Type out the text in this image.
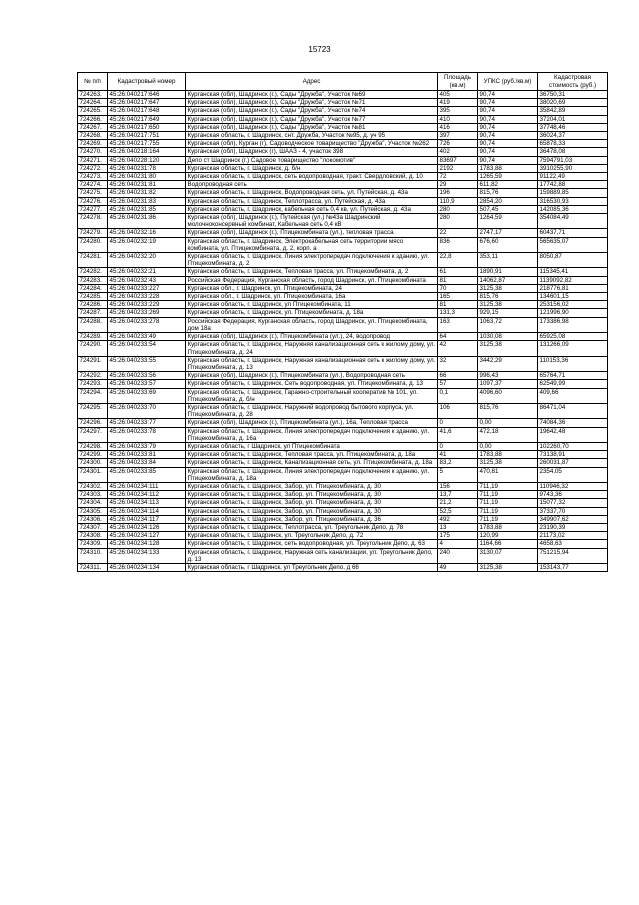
15723
№ п/п	Кадастровый номер	Адрес	Площадь (кв.м)	УПКС (руб./кв.м)	Кадастровая стоимость (руб.)
724263.	45:26:040217:646	Курганская (обл), Шадринск (г.), Сады "Дружба", Участок №69	405	90,74	36750,31
724264.	45:26:040217:647	Курганская (обл), Шадринск (г.), Сады "Дружба", Участок №71	419	90,74	38020,69
724265.	45:26:040217:648	Курганская (обл), Шадринск (г.), Сады "Дружба", Участок №74	395	90,74	35842,89
724266.	45:26:040217:649	Курганская (обл), Шадринск (г.), Сады "Дружба", Участок №77	410	90,74	37204,01
724267.	45:26:040217:650	Курганская (обл), Шадринск (г.), Сады "Дружба", Участок №81	416	90,74	37748,46
724268.	45:26:040217:751	Курганская область, г. Шадринск, снт. Дружба, Участок №95, д. уч 95	397	90,74	36024,37
724269.	45:26:040217:755	Курганская (обл), Курган (г), Садоводческое товарищество "Дружба", Участок №262	726	90,74	65878,33
724270.	45:26:040218:164	Курганская (обл), Шадринск (г), ШААЗ - 4, участок 398	402	90,74	36478,08
724271.	45:26:040228:120	Депо ст Шадринск (г.) Садовое товарищество "локомотив"	83697	90,74	7594791,03
724272.	45:26:040231:78	Курганская область, г. Шадринск, д. б/н	2192	1783,88	3910255,90
724273.	45:26:040231:80	Курганская область, г. Шадринск, сеть водопроводная, тракт. Свердловский, д. 10	72	1265,59	91122,49
724274.	45:26:040231:81	Водопроводная сеть	29	611,82	17742,88
724275.	45:26:040231:82	Курганская область, г. Шадринск, Водопроводная сеть, ул. Путейская, д. 43а	196	815,76	159889,85
724276.	45:26:040231:83	Курганская область, г. Шадринск, Теплотрасса, ул. Путейская, д. 43а	110,9	2854,20	316530,93
724277.	45:26:040231:85	Курганская область, г. Шадринск, кабельная сеть 0,4 кв, ул. Путейская, д. 43а	280	507,45	142085,36
724278.	45:26:040231:86	Курганская (обл), Шадринск (г.), Путейская (ул.) №43а Шадринский молочноконсервный комбинат, Кабельная сеть 0,4 кВ	280	1264,59	354084,49
724279.	45:26:040232:16	Курганская (обл), Шадринск (г.), Птицекомбината (ул.), тепловая трасса	22	2747,17	60437,71
724280.	45:26:040232:19	Курганская область, г. Шадринск, Электрокабельная сеть территории мясо комбината, ул. Птицекомбината, д. 2, корп. а	836	676,60	565635,07
724281.	45:26:040232:20	Курганская область, г. Шадринск, Линия электропередач подключения к зданию, ул. Птицекомбината, д. 2	22,8	353,11	8050,87
724282.	45:26:040232:21	Курганская область, г. Шадринск, Тепловая трасса, ул. Птицекомбината, д. 2	61	1890,91	115345,41
724283.	45:26:040232:43	Российская Федерация, Курганская область, город Шадринск, ул. Птицекомбината	81	14062,87	1139092,82
724284.	45:26:040233:227	Курганская обл., г. Шадринск, ул. Птицекомбината, 24	70	3125,38	218776,81
724285.	45:26:040233:228	Курганская обл., г. Шадринск, ул. Птицекомбината, 16а	165	815,76	134601,15
724286.	45:26:040233:229	Курганская область, г. Шадринск, ул Птицекомбината, 11	81	3125,38	253156,02
724287.	45:26:040233:269	Курганская область, г. Шадринск, ул. Птицекомбината, д. 18а	131,3	929,15	121996,90
724288.	45:26:040233:278	Российская Федерация, Курганская область, город Шадринск, ул. Птицекомбината, дом 18а	163	1063,72	173386,98
724289.	45:26:040233:49	Курганская (обл), Шадринск (г.), Птицекомбината (ул.), 24, водопровод	64	1030,08	65925,08
724290.	45:26:040233:54	Курганская область, г. Шадринск, Наружняя канализационная сеть к жилому дому, ул. Птицекомбината, д. 24	42	3125,38	131266,09
724291.	45:26:040233:55	Курганская область, г. Шадринск, Наружная канализационная сеть к жилому дому, ул. Птицекомбината, д. 13	32	3442,29	110153,36
724292.	45:26:040233:56	Курганская (обл), Шадринск (г.), Птицекомбината (ул.), Водопроводная сеть	66	996,43	65764,71
724293.	45:26:040233:57	Курганская область, г. Шадринск, Сеть водопроводная, ул. Птицекомбината, д. 13	57	1097,37	62549,99
724294.	45:26:040233:69	Курганская область, г. Шадринск, Гаражно-строительный кооператив № 101, ул. Птицекомбината, д. б/н	0,1	4096,60	409,66
724295.	45:26:040233:70	Курганская область, г. Шадринск, Наружний водопровод бытового корпуса, ул. Птицекомбината, д. 28	106	815,76	86471,04
724296.	45:26:040233:77	Курганская (обл), Шадринск (г.), Птицекомбината (ул.), 16а, Тепловая трасса	0	0,00	74084,36
724297.	45:26:040233:78	Курганская область, г. Шадринск, Линия электропередач подключения к зданию, ул. Птицекомбината, д. 16а	41,6	472,18	19642,48
724298.	45:26:040233:79	Курганская область, г Шадринск, ул Птицекомбината	0	0,00	102260,70
724299.	45:26:040233:81	Курганская область, г. Шадринск, Тепловая трасса, ул. Птицекомбината, д. 18а	41	1783,88	73138,91
724300.	45:26:040233:84	Курганская область, г. Шадринск, Канализационная сеть, ул. Птицекомбината, д. 18а	83,2	3125,38	260031,87
724301.	45:26:040233:85	Курганская область, г. Шадринск, Линия электропередач подключения к зданию, ул. Птицекомбината, д. 18а	5	470,81	2354,05
724302.	45:26:040234:111	Курганская область, г. Шадринск, Забор, ул. Птицекомбината, д. 30	156	711,19	110946,32
724303.	45:26:040234:112	Курганская область, г. Шадринск, Забор, ул. Птицекомбината, д. 30	13,7	711,19	9743,36
724304.	45:26:040234:113	Курганская область, г. Шадринск, Забор, ул. Птицекомбината, д. 30	21,2	711,19	15077,32
724305.	45:26:040234:114	Курганская область, г. Шадринск, Забор, ул. Птицекомбината, д. 30	52,5	711,19	37337,70
724306.	45:26:040234:117	Курганская область, г. Шадринск, Забор, ул. Птицекомбината, д. 36	492	711,19	349907,62
724307.	45:26:040234:126	Курганская область, г. Шадринск, Теплотрасса, ул. Треугольник Депо, д. 78	13	1783,88	23190,39
724308.	45:26:040234:127	Курганская область, г. Шадринск, ул. Треугольник Депо, д. 72	175	120,99	21173,02
724309.	45:26:040234:128	Курганская область, г. Шадринск, сеть водопроводная, ул. Треугольник Депо, д. 63	4	1164,66	4658,63
724310.	45:26:040234:133	Курганская область, г. Шадринск, Наружная сеть канализации, ул. Треугольник Депо, д. 13	240	3130,07	751215,94
724311.	45:26:040234:134	Курганская область, г Шадринск, ул Треугольник Депо, д 66	49	3125,38	153143,77
